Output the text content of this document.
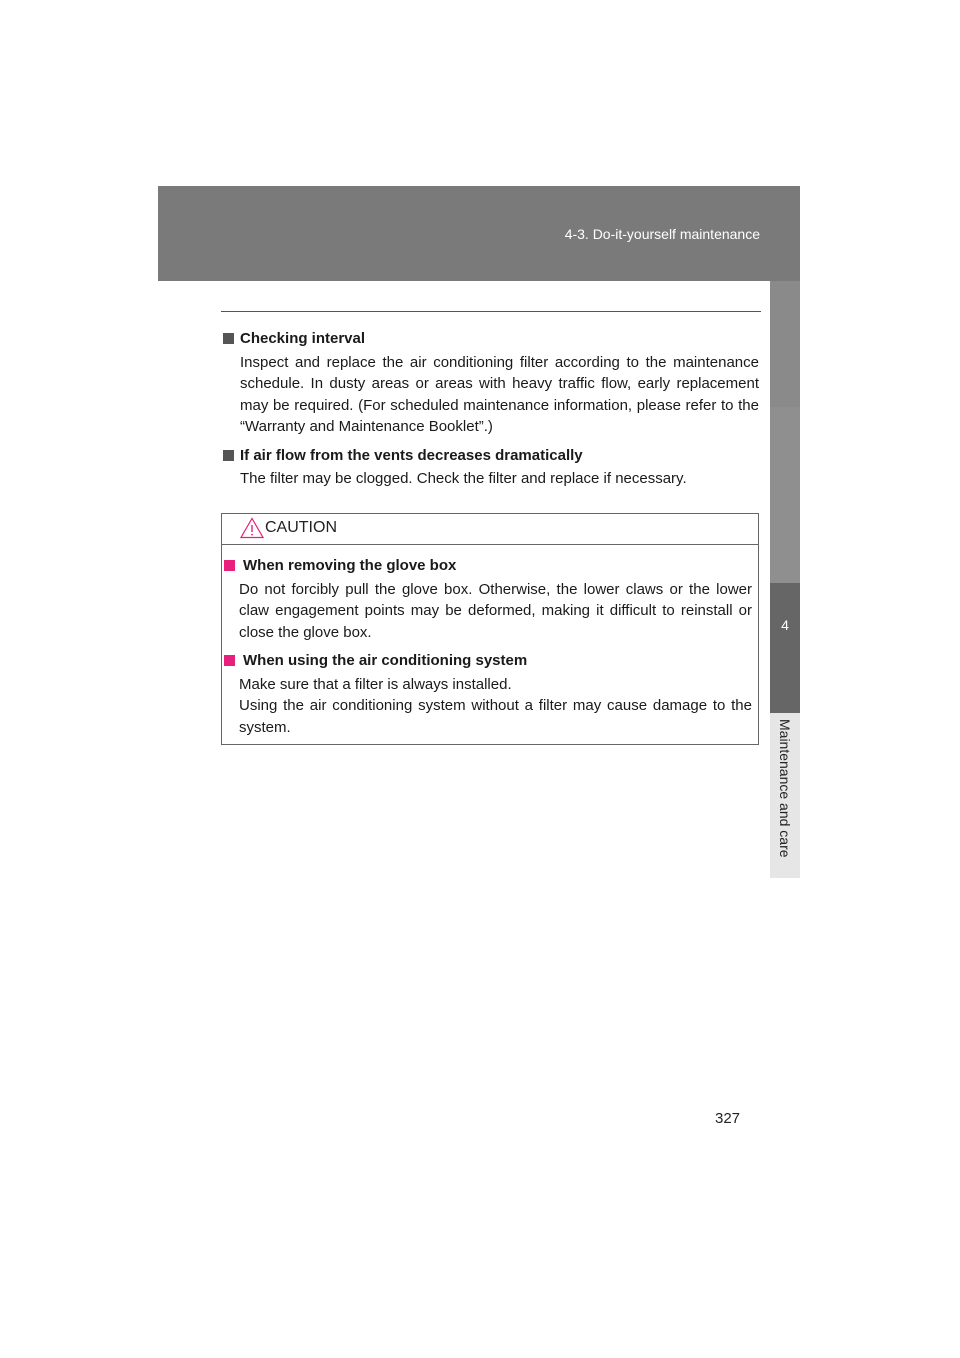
4-3. Do-it-yourself maintenance
4
Maintenance and care
Checking interval
Inspect and replace the air conditioning filter according to the maintenance schedule. In dusty areas or areas with heavy traffic flow, early replacement may be required. (For scheduled maintenance information, please refer to the “Warranty and Maintenance Booklet”.)
If air flow from the vents decreases dramatically
The filter may be clogged. Check the filter and replace if necessary.
CAUTION
When removing the glove box
Do not forcibly pull the glove box. Otherwise, the lower claws or the lower claw engagement points may be deformed, making it difficult to reinstall or close the glove box.
When using the air conditioning system
Make sure that a filter is always installed.
Using the air conditioning system without a filter may cause damage to the system.
327
